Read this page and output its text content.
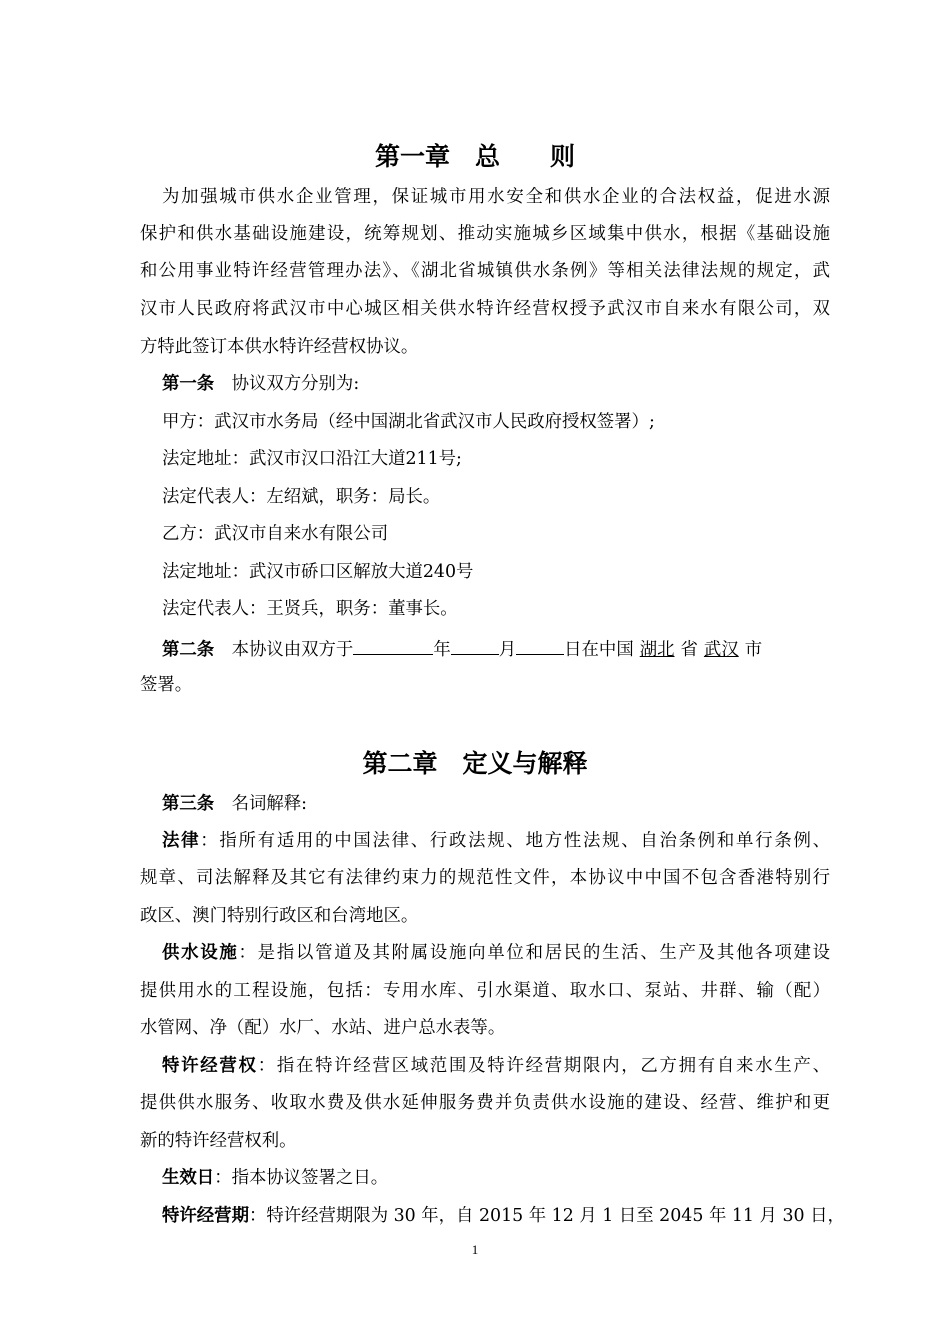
第一章　总　　则
为加强城市供水企业管理，保证城市用水安全和供水企业的合法权益，促进水源
保护和供水基础设施建设，统筹规划、推动实施城乡区域集中供水，根据《基础设施
和公用事业特许经营管理办法》、《湖北省城镇供水条例》等相关法律法规的规定，武
汉市人民政府将武汉市中心城区相关供水特许经营权授予武汉市自来水有限公司，双
方特此签订本供水特许经营权协议。
第一条　协议双方分别为:
甲方：武汉市水务局（经中国湖北省武汉市人民政府授权签署）;
法定地址：武汉市汉口沿江大道211号;
法定代表人：左绍斌，职务：局长。
乙方：武汉市自来水有限公司
法定地址：武汉市硚口区解放大道240号
法定代表人：王贤兵，职务：董事长。
第二条　本协议由双方于	年	月	日在中国 湖北 省 武汉 市
签署。
第二章　定义与解释
第三条　名词解释:
法律：指所有适用的中国法律、行政法规、地方性法规、自治条例和单行条例、
规章、司法解释及其它有法律约束力的规范性文件，本协议中中国不包含香港特别行
政区、澳门特别行政区和台湾地区。
供水设施：是指以管道及其附属设施向单位和居民的生活、生产及其他各项建设
提供用水的工程设施，包括：专用水库、引水渠道、取水口、泵站、井群、输（配）
水管网、净（配）水厂、水站、进户总水表等。
特许经营权：指在特许经营区域范围及特许经营期限内，乙方拥有自来水生产、
提供供水服务、收取水费及供水延伸服务费并负责供水设施的建设、经营、维护和更
新的特许经营权利。
生效日：指本协议签署之日。
特许经营期：特许经营期限为 30 年，自 2015 年 12 月 1 日至 2045 年 11 月 30 日，
1
